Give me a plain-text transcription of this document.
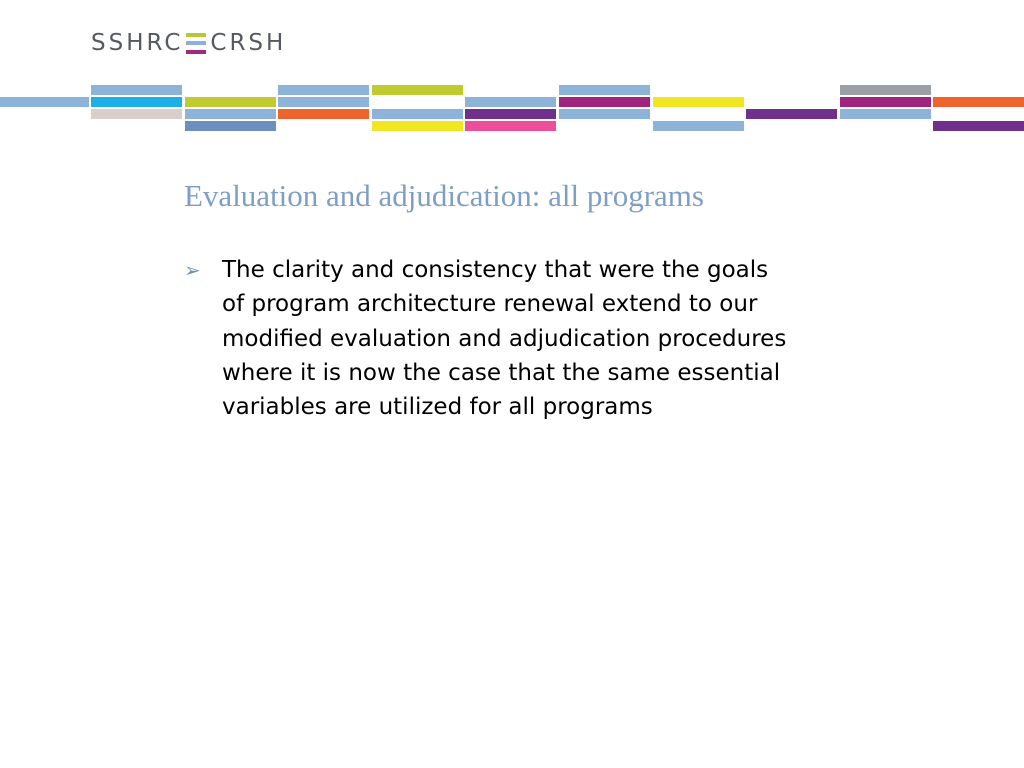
SSHRC CRSH
Evaluation and adjudication: all programs
➢ The clarity and consistency that were the goals
of program architecture renewal extend to our
modified evaluation and adjudication procedures
where it is now the case that the same essential
variables are utilized for all programs
